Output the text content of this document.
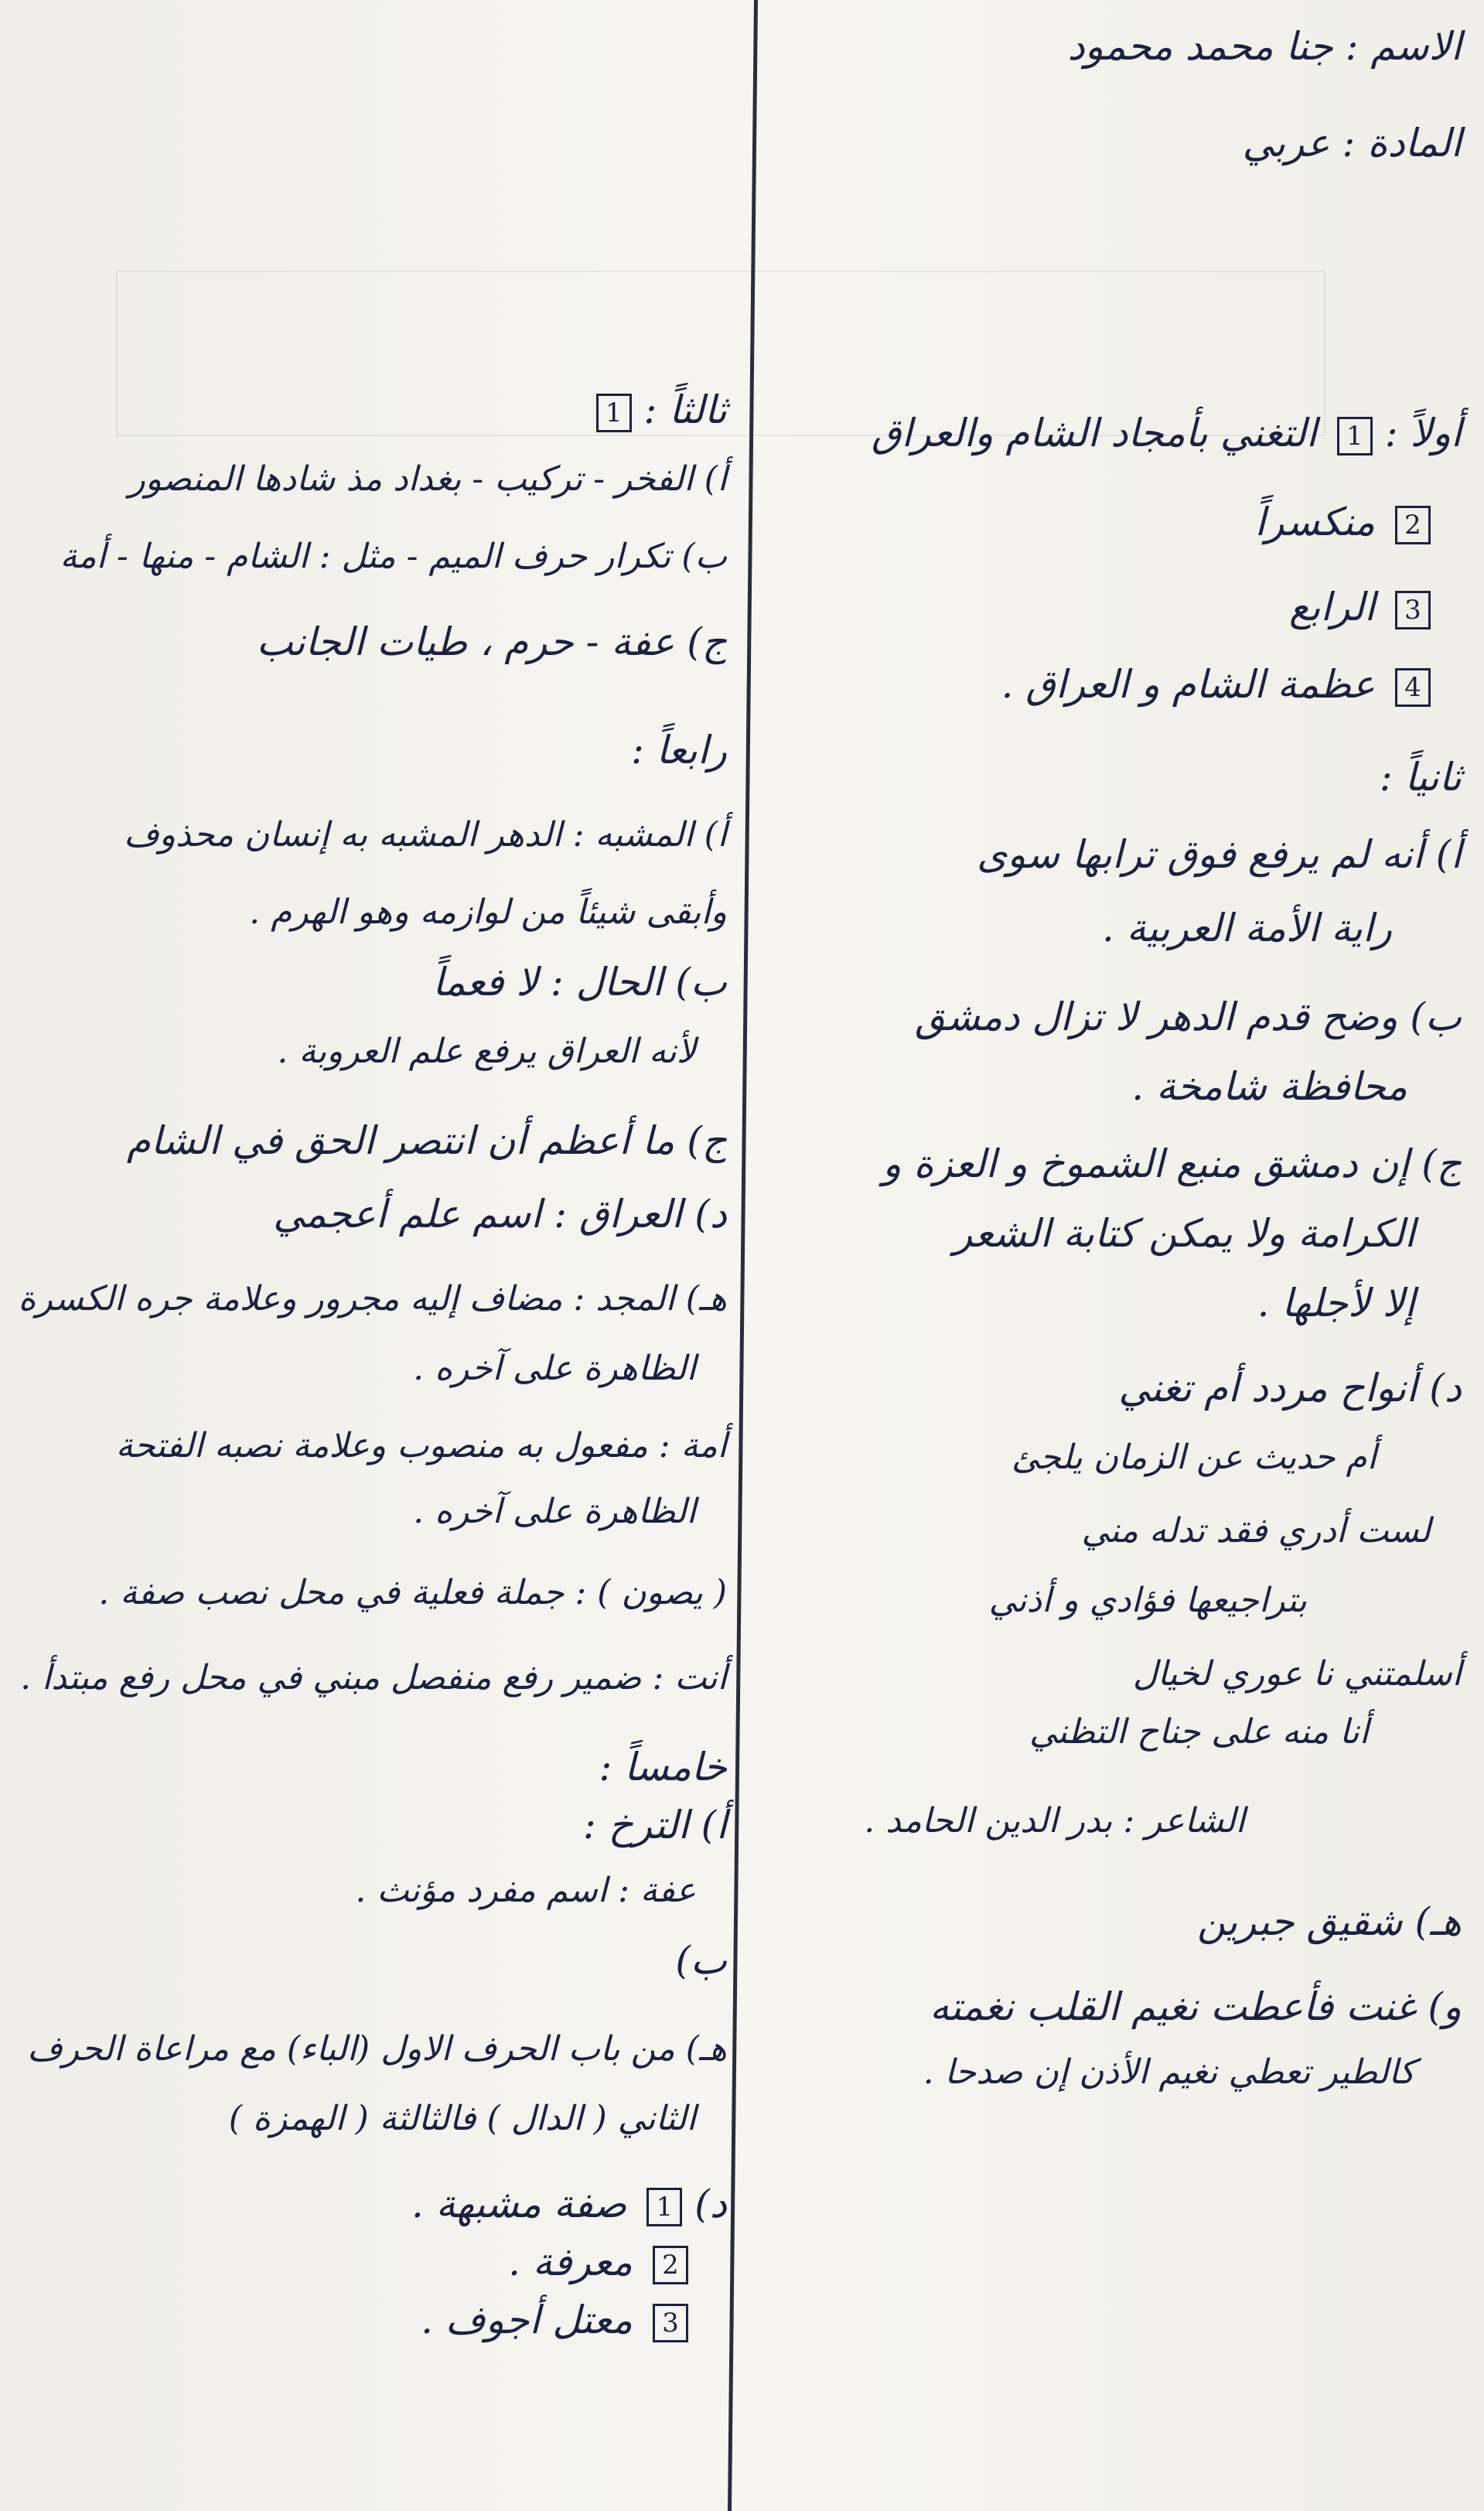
الاسم : جنا محمد محمود
المادة : عربي
أولاً : 1 التغني بأمجاد الشام والعراق
2 منكسراً
3 الرابع
4 عظمة الشام و العراق .
ثانياً :
أ) أنه لم يرفع فوق ترابها سوى
راية الأمة العربية .
ب) وضح قدم الدهر لا تزال دمشق
محافظة شامخة .
ج) إن دمشق منبع الشموخ و العزة و
الكرامة ولا يمكن كتابة الشعر
إلا لأجلها .
د) أنواح مردد أم تغني
أم حديث عن الزمان يلجئ
لست أدري فقد تدله مني
بتراجيعها فؤادي و أذني
أسلمتني نا عوري لخيال
أنا منه على جناح التظني
الشاعر : بدر الدين الحامد .
هـ) شقيق جبرين
و) غنت فأعطت نغيم القلب نغمته
كالطير تعطي نغيم الأذن إن صدحا .
ثالثاً : 1
أ) الفخر - تركيب - بغداد مذ شادها المنصور
ب) تكرار حرف الميم - مثل : الشام - منها - أمة
ج) عفة - حرم ، طيات الجانب
رابعاً :
أ) المشبه : الدهر المشبه به إنسان محذوف
وأبقى شيئاً من لوازمه وهو الهرم .
ب) الحال : لا فعماً
لأنه العراق يرفع علم العروبة .
ج) ما أعظم أن انتصر الحق في الشام
د) العراق : اسم علم أعجمي
هـ) المجد : مضاف إليه مجرور وعلامة جره الكسرة
الظاهرة على آخره .
أمة : مفعول به منصوب وعلامة نصبه الفتحة
الظاهرة على آخره .
( يصون ) : جملة فعلية في محل نصب صفة .
أنت : ضمير رفع منفصل مبني في محل رفع مبتدأ .
خامساً :
أ) الترخ :
عفة : اسم مفرد مؤنث .
ب)
هـ) من باب الحرف الاول (الباء) مع مراعاة الحرف
الثاني ( الدال ) فالثالثة ( الهمزة )
د) 1 صفة مشبهة .
2 معرفة .
3 معتل أجوف .
